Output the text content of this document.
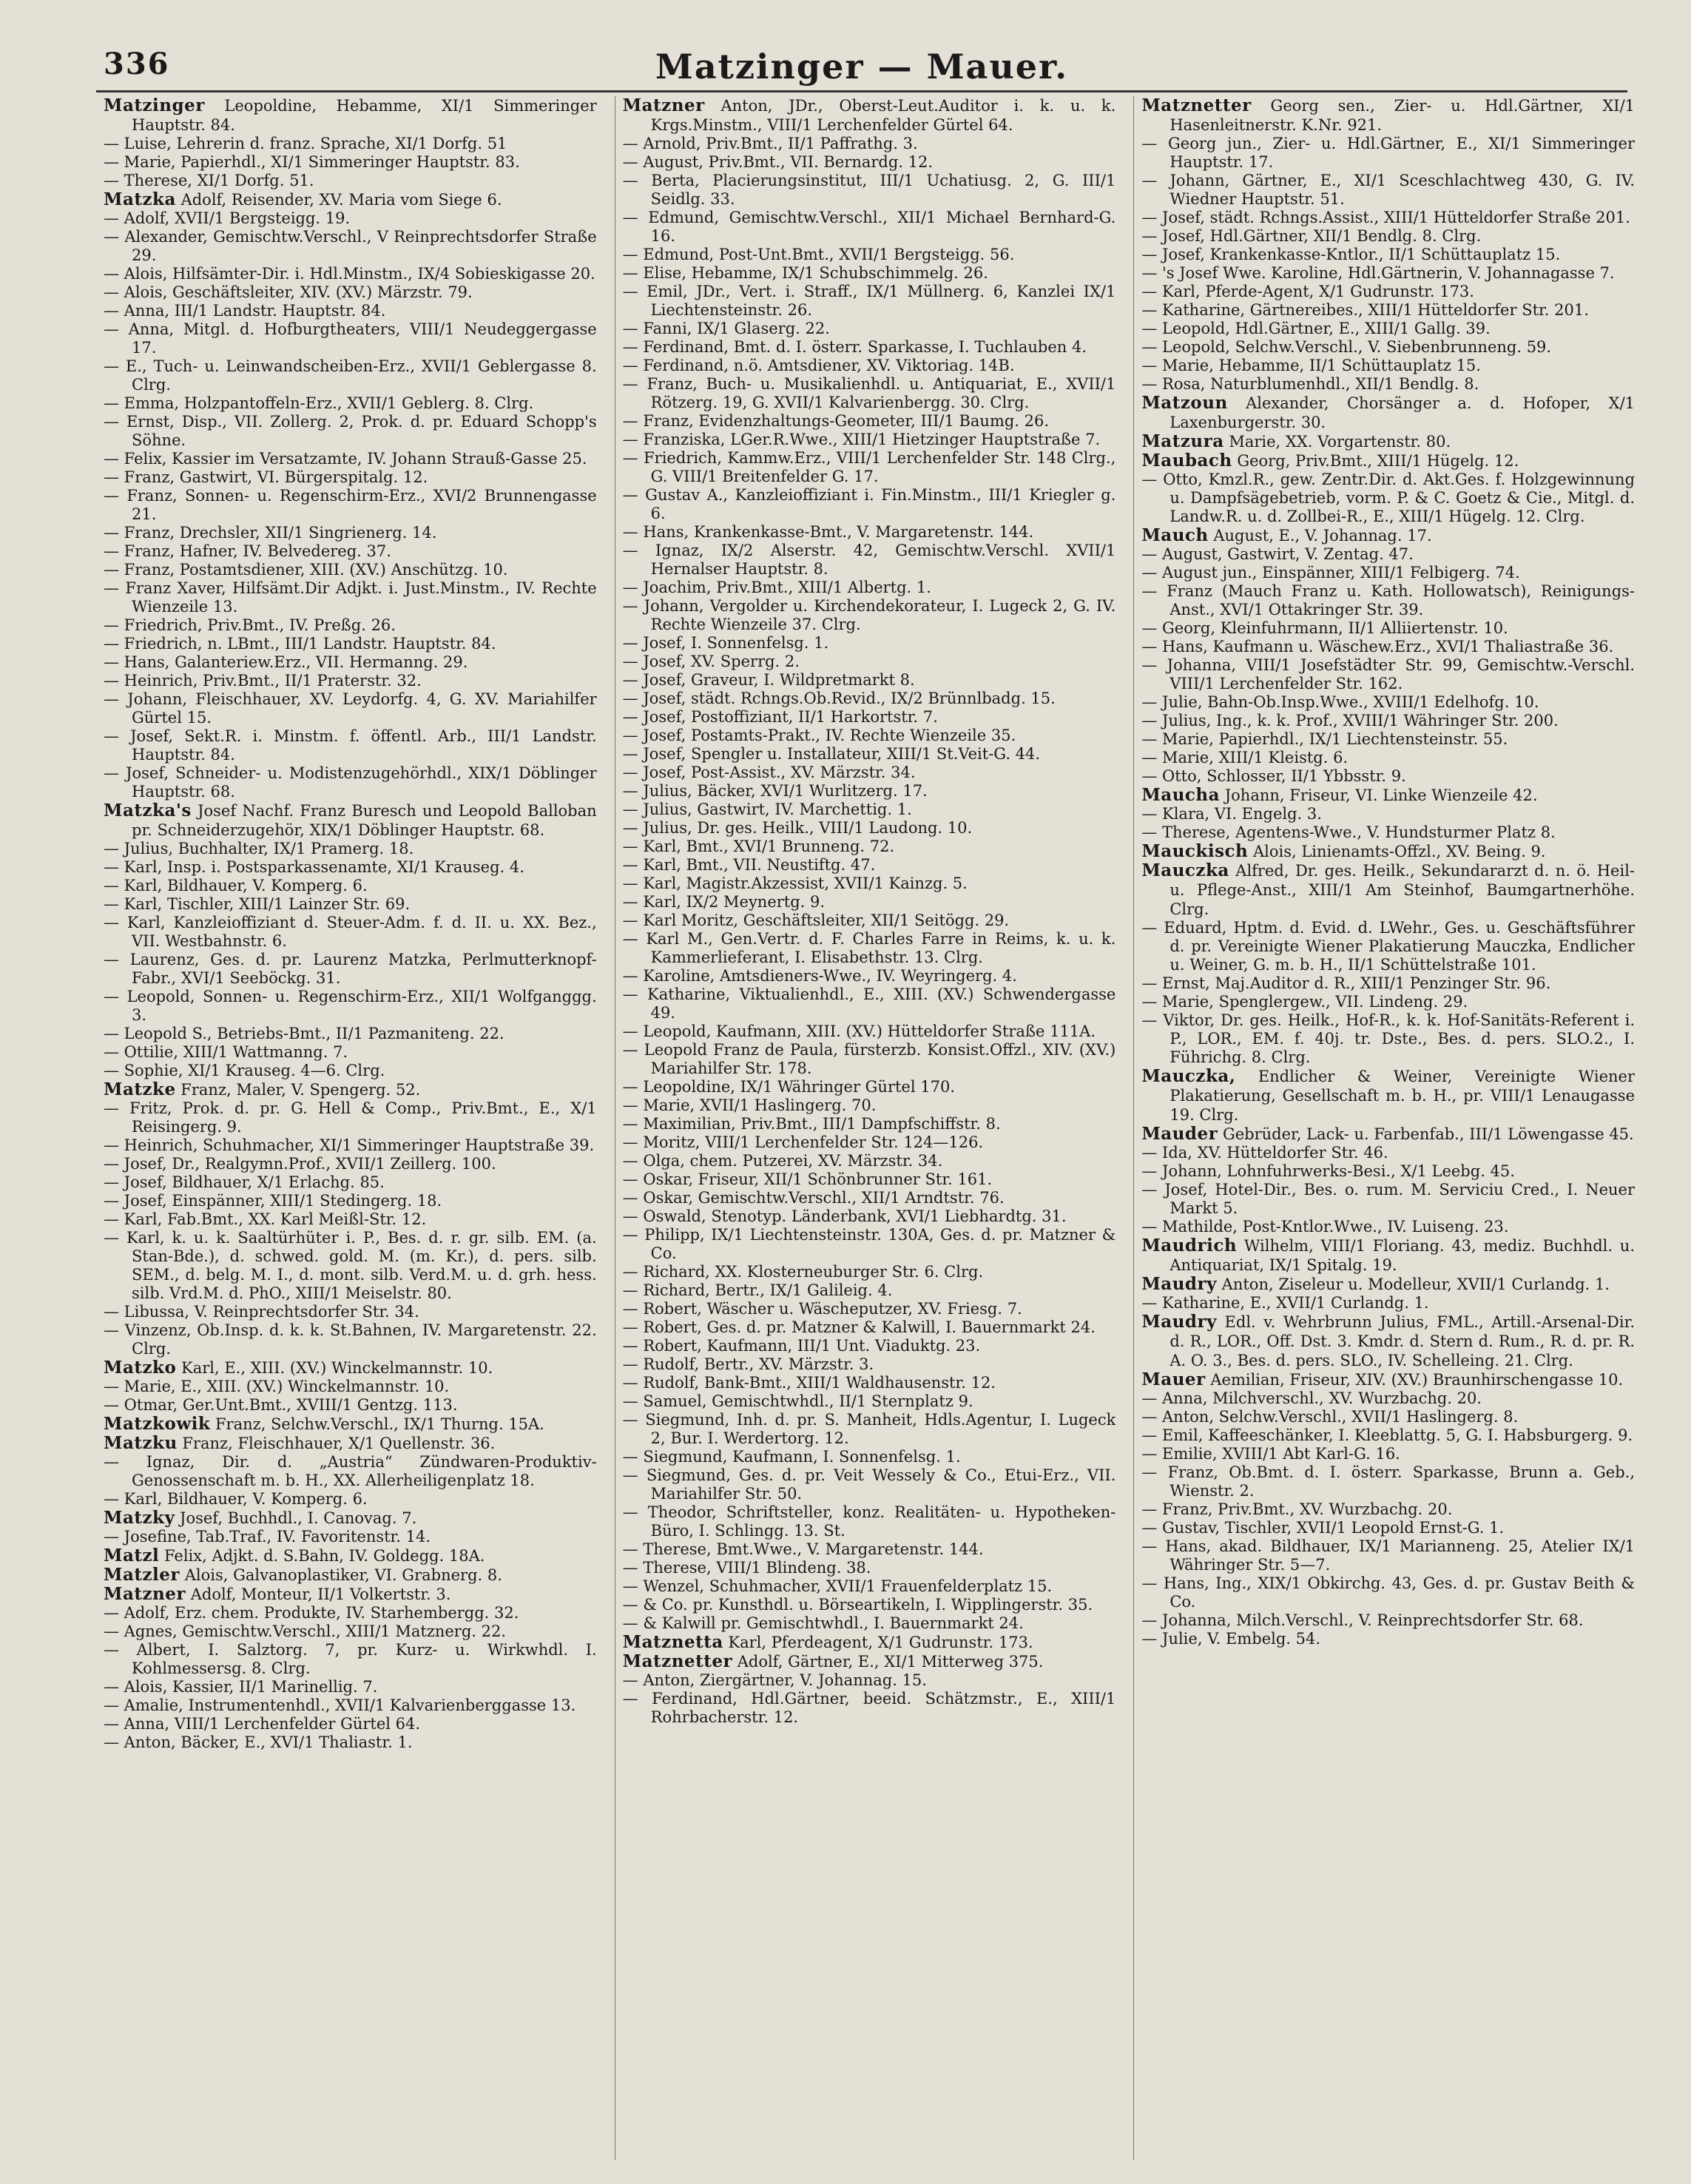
336	Matzinger — Mauer.

Matzinger Leopoldine, Hebamme, XI/1 Simmeringer Hauptstr. 84.

— Luise, Lehrerin d. franz. Sprache, XI/1 Dorfg. 51

— Marie, Papierhdl., XI/1 Simmeringer Hauptstr. 83.

— Therese, XI/1 Dorfg. 51.

Matzka Adolf, Reisender, XV. Maria vom Siege 6.

— Adolf, XVII/1 Bergsteigg. 19.

— Alexander, Gemischtw.Verschl., V Reinprechtsdorfer Straße 29.

— Alois, Hilfsämter-Dir. i. Hdl.Minstm., IX/4 Sobieskigasse 20.

— Alois, Geschäftsleiter, XIV. (XV.) Märzstr. 79.

— Anna, III/1 Landstr. Hauptstr. 84.

— Anna, Mitgl. d. Hofburgtheaters, VIII/1 Neudeggergasse 17.

— E., Tuch- u. Leinwandscheiben-Erz., XVII/1 Geblergasse 8. Clrg.

— Emma, Holzpantoffeln-Erz., XVII/1 Geblerg. 8. Clrg.

— Ernst, Disp., VII. Zollerg. 2, Prok. d. pr. Eduard Schopp's Söhne.

— Felix, Kassier im Versatzamte, IV. Johann Strauß-Gasse 25.

— Franz, Gastwirt, VI. Bürgerspitalg. 12.

— Franz, Sonnen- u. Regenschirm-Erz., XVI/2 Brunnengasse 21.

— Franz, Drechsler, XII/1 Singrienerg. 14.

— Franz, Hafner, IV. Belvedereg. 37.

— Franz, Postamtsdiener, XIII. (XV.) Anschützg. 10.

— Franz Xaver, Hilfsämt.Dir Adjkt. i. Just.Minstm., IV. Rechte Wienzeile 13.

— Friedrich, Priv.Bmt., IV. Preßg. 26.

— Friedrich, n. LBmt., III/1 Landstr. Hauptstr. 84.

— Hans, Galanteriew.Erz., VII. Hermanng. 29.

— Heinrich, Priv.Bmt., II/1 Praterstr. 32.

— Johann, Fleischhauer, XV. Leydorfg. 4, G. XV. Mariahilfer Gürtel 15.

— Josef, Sekt.R. i. Minstm. f. öffentl. Arb., III/1 Landstr. Hauptstr. 84.

— Josef, Schneider- u. Modistenzugehörhdl., XIX/1 Döblinger Hauptstr. 68.

Matzka's Josef Nachf. Franz Buresch und Leopold Balloban pr. Schneiderzugehör, XIX/1 Döblinger Hauptstr. 68.

— Julius, Buchhalter, IX/1 Pramerg. 18.

— Karl, Insp. i. Postsparkassenamte, XI/1 Krauseg. 4.

— Karl, Bildhauer, V. Komperg. 6.

— Karl, Tischler, XIII/1 Lainzer Str. 69.

— Karl, Kanzleioffiziant d. Steuer-Adm. f. d. II. u. XX. Bez., VII. Westbahnstr. 6.

— Laurenz, Ges. d. pr. Laurenz Matzka, Perlmutterknopf-Fabr., XVI/1 Seeböckg. 31.

— Leopold, Sonnen- u. Regenschirm-Erz., XII/1 Wolfganggg. 3.

— Leopold S., Betriebs-Bmt., II/1 Pazmaniteng. 22.

— Ottilie, XIII/1 Wattmanng. 7.

— Sophie, XI/1 Krauseg. 4—6. Clrg.

Matzke Franz, Maler, V. Spengerg. 52.

— Fritz, Prok. d. pr. G. Hell & Comp., Priv.Bmt., E., X/1 Reisingerg. 9.

— Heinrich, Schuhmacher, XI/1 Simmeringer Hauptstraße 39.

— Josef, Dr., Realgymn.Prof., XVII/1 Zeillerg. 100.

— Josef, Bildhauer, X/1 Erlachg. 85.

— Josef, Einspänner, XIII/1 Stedingerg. 18.

— Karl, Fab.Bmt., XX. Karl Meißl-Str. 12.

— Karl, k. u. k. Saaltürhüter i. P., Bes. d. r. gr. silb. EM. (a. Stan-Bde.), d. schwed. gold. M. (m. Kr.), d. pers. silb. SEM., d. belg. M. I., d. mont. silb. Verd.M. u. d. grh. hess. silb. Vrd.M. d. PhO., XIII/1 Meiselstr. 80.

— Libussa, V. Reinprechtsdorfer Str. 34.

— Vinzenz, Ob.Insp. d. k. k. St.Bahnen, IV. Margaretenstr. 22. Clrg.

Matzko Karl, E., XIII. (XV.) Winckelmannstr. 10.

— Marie, E., XIII. (XV.) Winckelmannstr. 10.

— Otmar, Ger.Unt.Bmt., XVIII/1 Gentzg. 113.

Matzkowik Franz, Selchw.Verschl., IX/1 Thurng. 15A.

Matzku Franz, Fleischhauer, X/1 Quellenstr. 36.

— Ignaz, Dir. d. „Austria“ Zündwaren-Produktiv-Genossenschaft m. b. H., XX. Allerheiligenplatz 18.

— Karl, Bildhauer, V. Komperg. 6.

Matzky Josef, Buchhdl., I. Canovag. 7.

— Josefine, Tab.Traf., IV. Favoritenstr. 14.

Matzl Felix, Adjkt. d. S.Bahn, IV. Goldegg. 18A.

Matzler Alois, Galvanoplastiker, VI. Grabnerg. 8.

Matzner Adolf, Monteur, II/1 Volkertstr. 3.

— Adolf, Erz. chem. Produkte, IV. Starhembergg. 32.

— Agnes, Gemischtw.Verschl., XIII/1 Matznerg. 22.

— Albert, I. Salztorg. 7, pr. Kurz- u. Wirkwhdl. I. Kohlmessersg. 8. Clrg.

— Alois, Kassier, II/1 Marinellig. 7.

— Amalie, Instrumentenhdl., XVII/1 Kalvarienberggasse 13.

— Anna, VIII/1 Lerchenfelder Gürtel 64.

— Anton, Bäcker, E., XVI/1 Thaliastr. 1.

Matzner Anton, JDr., Oberst-Leut.Auditor i. k. u. k. Krgs.Minstm., VIII/1 Lerchenfelder Gürtel 64.

— Arnold, Priv.Bmt., II/1 Paffrathg. 3.

— August, Priv.Bmt., VII. Bernardg. 12.

— Berta, Placierungsinstitut, III/1 Uchatiusg. 2, G. III/1 Seidlg. 33.

— Edmund, Gemischtw.Verschl., XII/1 Michael Bernhard-G. 16.

— Edmund, Post-Unt.Bmt., XVII/1 Bergsteigg. 56.

— Elise, Hebamme, IX/1 Schubschimmelg. 26.

— Emil, JDr., Vert. i. Straff., IX/1 Müllnerg. 6, Kanzlei IX/1 Liechtensteinstr. 26.

— Fanni, IX/1 Glaserg. 22.

— Ferdinand, Bmt. d. I. österr. Sparkasse, I. Tuchlauben 4.

— Ferdinand, n.ö. Amtsdiener, XV. Viktoriag. 14B.

— Franz, Buch- u. Musikalienhdl. u. Antiquariat, E., XVII/1 Rötzerg. 19, G. XVII/1 Kalvarienbergg. 30. Clrg.

— Franz, Evidenzhaltungs-Geometer, III/1 Baumg. 26.

— Franziska, LGer.R.Wwe., XIII/1 Hietzinger Hauptstraße 7.

— Friedrich, Kammw.Erz., VIII/1 Lerchenfelder Str. 148 Clrg., G. VIII/1 Breitenfelder G. 17.

— Gustav A., Kanzleioffiziant i. Fin.Minstm., III/1 Kriegler g. 6.

— Hans, Krankenkasse-Bmt., V. Margaretenstr. 144.

— Ignaz, IX/2 Alserstr. 42, Gemischtw.Verschl. XVII/1 Hernalser Hauptstr. 8.

— Joachim, Priv.Bmt., XIII/1 Albertg. 1.

— Johann, Vergolder u. Kirchendekorateur, I. Lugeck 2, G. IV. Rechte Wienzeile 37. Clrg.

— Josef, I. Sonnenfelsg. 1.

— Josef, XV. Sperrg. 2.

— Josef, Graveur, I. Wildpretmarkt 8.

— Josef, städt. Rchngs.Ob.Revid., IX/2 Brünnlbadg. 15.

— Josef, Postoffiziant, II/1 Harkortstr. 7.

— Josef, Postamts-Prakt., IV. Rechte Wienzeile 35.

— Josef, Spengler u. Installateur, XIII/1 St.Veit-G. 44.

— Josef, Post-Assist., XV. Märzstr. 34.

— Julius, Bäcker, XVI/1 Wurlitzerg. 17.

— Julius, Gastwirt, IV. Marchettig. 1.

— Julius, Dr. ges. Heilk., VIII/1 Laudong. 10.

— Karl, Bmt., XVI/1 Brunneng. 72.

— Karl, Bmt., VII. Neustiftg. 47.

— Karl, Magistr.Akzessist, XVII/1 Kainzg. 5.

— Karl, IX/2 Meynertg. 9.

— Karl Moritz, Geschäftsleiter, XII/1 Seitögg. 29.

— Karl M., Gen.Vertr. d. F. Charles Farre in Reims, k. u. k. Kammerlieferant, I. Elisabethstr. 13. Clrg.

— Karoline, Amtsdieners-Wwe., IV. Weyringerg. 4.

— Katharine, Viktualienhdl., E., XIII. (XV.) Schwendergasse 49.

— Leopold, Kaufmann, XIII. (XV.) Hütteldorfer Straße 111A.

— Leopold Franz de Paula, fürsterzb. Konsist.Offzl., XIV. (XV.) Mariahilfer Str. 178.

— Leopoldine, IX/1 Währinger Gürtel 170.

— Marie, XVII/1 Haslingerg. 70.

— Maximilian, Priv.Bmt., III/1 Dampfschiffstr. 8.

— Moritz, VIII/1 Lerchenfelder Str. 124—126.

— Olga, chem. Putzerei, XV. Märzstr. 34.

— Oskar, Friseur, XII/1 Schönbrunner Str. 161.

— Oskar, Gemischtw.Verschl., XII/1 Arndtstr. 76.

— Oswald, Stenotyp. Länderbank, XVI/1 Liebhardtg. 31.

— Philipp, IX/1 Liechtensteinstr. 130A, Ges. d. pr. Matzner & Co.

— Richard, XX. Klosterneuburger Str. 6. Clrg.

— Richard, Bertr., IX/1 Galileig. 4.

— Robert, Wäscher u. Wäscheputzer, XV. Friesg. 7.

— Robert, Ges. d. pr. Matzner & Kalwill, I. Bauernmarkt 24.

— Robert, Kaufmann, III/1 Unt. Viaduktg. 23.

— Rudolf, Bertr., XV. Märzstr. 3.

— Rudolf, Bank-Bmt., XIII/1 Waldhausenstr. 12.

— Samuel, Gemischtwhdl., II/1 Sternplatz 9.

— Siegmund, Inh. d. pr. S. Manheit, Hdls.Agentur, I. Lugeck 2, Bur. I. Werdertorg. 12.

— Siegmund, Kaufmann, I. Sonnenfelsg. 1.

— Siegmund, Ges. d. pr. Veit Wessely & Co., Etui-Erz., VII. Mariahilfer Str. 50.

— Theodor, Schriftsteller, konz. Realitäten- u. Hypotheken-Büro, I. Schlingg. 13. St.

— Therese, Bmt.Wwe., V. Margaretenstr. 144.

— Therese, VIII/1 Blindeng. 38.

— Wenzel, Schuhmacher, XVII/1 Frauenfelderplatz 15.

— & Co. pr. Kunsthdl. u. Börseartikeln, I. Wipplingerstr. 35.

— & Kalwill pr. Gemischtwhdl., I. Bauernmarkt 24.

Matznetta Karl, Pferdeagent, X/1 Gudrunstr. 173.

Matznetter Adolf, Gärtner, E., XI/1 Mitterweg 375.

— Anton, Ziergärtner, V. Johannag. 15.

— Ferdinand, Hdl.Gärtner, beeid. Schätzmstr., E., XIII/1 Rohrbacherstr. 12.

Matznetter Georg sen., Zier- u. Hdl.Gärtner, XI/1 Hasenleitnerstr. K.Nr. 921.

— Georg jun., Zier- u. Hdl.Gärtner, E., XI/1 Simmeringer Hauptstr. 17.

— Johann, Gärtner, E., XI/1 Sceschlachtweg 430, G. IV. Wiedner Hauptstr. 51.

— Josef, städt. Rchngs.Assist., XIII/1 Hütteldorfer Straße 201.

— Josef, Hdl.Gärtner, XII/1 Bendlg. 8. Clrg.

— Josef, Krankenkasse-Kntlor., II/1 Schüttauplatz 15.

— 's Josef Wwe. Karoline, Hdl.Gärtnerin, V. Johannagasse 7.

— Karl, Pferde-Agent, X/1 Gudrunstr. 173.

— Katharine, Gärtnereibes., XIII/1 Hütteldorfer Str. 201.

— Leopold, Hdl.Gärtner, E., XIII/1 Gallg. 39.

— Leopold, Selchw.Verschl., V. Siebenbrunneng. 59.

— Marie, Hebamme, II/1 Schüttauplatz 15.

— Rosa, Naturblumenhdl., XII/1 Bendlg. 8.

Matzoun Alexander, Chorsänger a. d. Hofoper, X/1 Laxenburgerstr. 30.

Matzura Marie, XX. Vorgartenstr. 80.

Maubach Georg, Priv.Bmt., XIII/1 Hügelg. 12.

— Otto, Kmzl.R., gew. Zentr.Dir. d. Akt.Ges. f. Holzgewinnung u. Dampfsägebetrieb, vorm. P. & C. Goetz & Cie., Mitgl. d. Landw.R. u. d. Zollbei-R., E., XIII/1 Hügelg. 12. Clrg.

Mauch August, E., V. Johannag. 17.

— August, Gastwirt, V. Zentag. 47.

— August jun., Einspänner, XIII/1 Felbigerg. 74.

— Franz (Mauch Franz u. Kath. Hollowatsch), Reinigungs-Anst., XVI/1 Ottakringer Str. 39.

— Georg, Kleinfuhrmann, II/1 Alliiertenstr. 10.

— Hans, Kaufmann u. Wäschew.Erz., XVI/1 Thaliastraße 36.

— Johanna, VIII/1 Josefstädter Str. 99, Gemischtw.-Verschl. VIII/1 Lerchenfelder Str. 162.

— Julie, Bahn-Ob.Insp.Wwe., XVIII/1 Edelhofg. 10.

— Julius, Ing., k. k. Prof., XVIII/1 Währinger Str. 200.

— Marie, Papierhdl., IX/1 Liechtensteinstr. 55.

— Marie, XIII/1 Kleistg. 6.

— Otto, Schlosser, II/1 Ybbsstr. 9.

Maucha Johann, Friseur, VI. Linke Wienzeile 42.

— Klara, VI. Engelg. 3.

— Therese, Agentens-Wwe., V. Hundsturmer Platz 8.

Mauckisch Alois, Linienamts-Offzl., XV. Being. 9.

Mauczka Alfred, Dr. ges. Heilk., Sekundararzt d. n. ö. Heil- u. Pflege-Anst., XIII/1 Am Steinhof, Baumgartnerhöhe. Clrg.

— Eduard, Hptm. d. Evid. d. LWehr., Ges. u. Geschäftsführer d. pr. Vereinigte Wiener Plakatierung Mauczka, Endlicher u. Weiner, G. m. b. H., II/1 Schüttelstraße 101.

— Ernst, Maj.Auditor d. R., XIII/1 Penzinger Str. 96.

— Marie, Spenglergew., VII. Lindeng. 29.

— Viktor, Dr. ges. Heilk., Hof-R., k. k. Hof-Sanitäts-Referent i. P., LOR., EM. f. 40j. tr. Dste., Bes. d. pers. SLO.2., I. Führichg. 8. Clrg.

Mauczka, Endlicher & Weiner, Vereinigte Wiener Plakatierung, Gesellschaft m. b. H., pr. VIII/1 Lenaugasse 19. Clrg.

Mauder Gebrüder, Lack- u. Farbenfab., III/1 Löwengasse 45.

— Ida, XV. Hütteldorfer Str. 46.

— Johann, Lohnfuhrwerks-Besi., X/1 Leebg. 45.

— Josef, Hotel-Dir., Bes. o. rum. M. Serviciu Cred., I. Neuer Markt 5.

— Mathilde, Post-Kntlor.Wwe., IV. Luiseng. 23.

Maudrich Wilhelm, VIII/1 Floriang. 43, mediz. Buchhdl. u. Antiquariat, IX/1 Spitalg. 19.

Maudry Anton, Ziseleur u. Modelleur, XVII/1 Curlandg. 1.

— Katharine, E., XVII/1 Curlandg. 1.

Maudry Edl. v. Wehrbrunn Julius, FML., Artill.-Arsenal-Dir. d. R., LOR., Off. Dst. 3. Kmdr. d. Stern d. Rum., R. d. pr. R. A. O. 3., Bes. d. pers. SLO., IV. Schelleing. 21. Clrg.

Mauer Aemilian, Friseur, XIV. (XV.) Braunhirschengasse 10.

— Anna, Milchverschl., XV. Wurzbachg. 20.

— Anton, Selchw.Verschl., XVII/1 Haslingerg. 8.

— Emil, Kaffeeschänker, I. Kleeblattg. 5, G. I. Habsburgerg. 9.

— Emilie, XVIII/1 Abt Karl-G. 16.

— Franz, Ob.Bmt. d. I. österr. Sparkasse, Brunn a. Geb., Wienstr. 2.

— Franz, Priv.Bmt., XV. Wurzbachg. 20.

— Gustav, Tischler, XVII/1 Leopold Ernst-G. 1.

— Hans, akad. Bildhauer, IX/1 Marianneng. 25, Atelier IX/1 Währinger Str. 5—7.

— Hans, Ing., XIX/1 Obkirchg. 43, Ges. d. pr. Gustav Beith & Co.

— Johanna, Milch.Verschl., V. Reinprechtsdorfer Str. 68.

— Julie, V. Embelg. 54.
